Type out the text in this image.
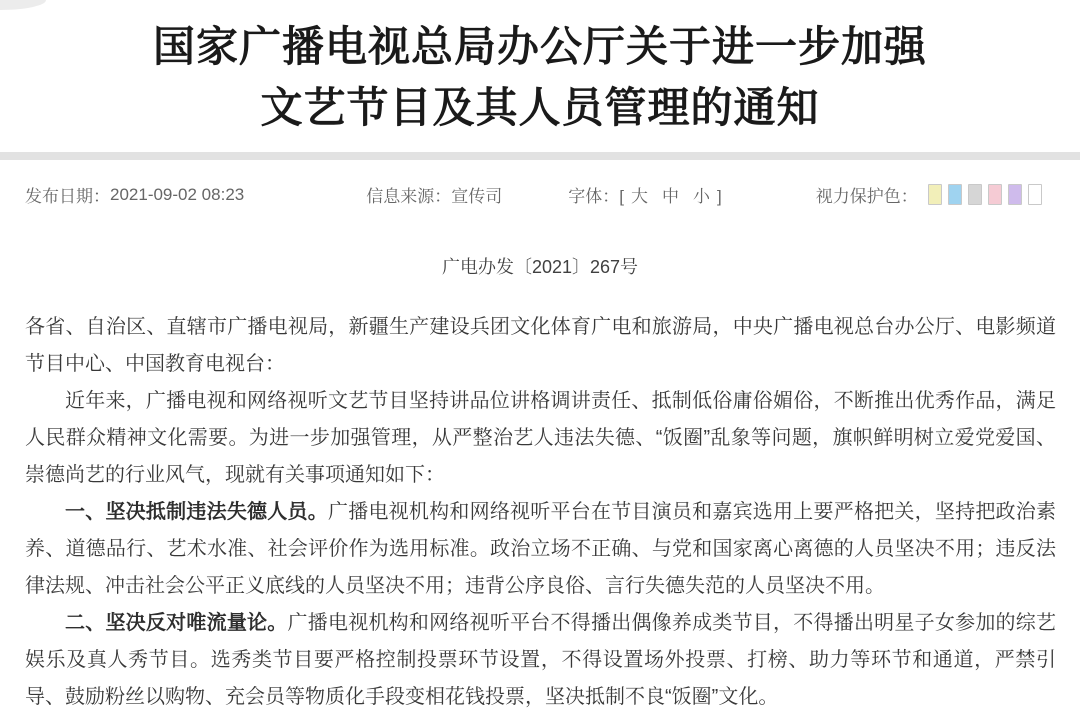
国家广播电视总局办公厅关于进一步加强
文艺节目及其人员管理的通知
发布日期： 2021-09-02 08:23	信息来源： 宣传司	字体： [ 大 中 小 ]	视力保护色：
广电办发〔2021〕267号

各省、自治区、直辖市广播电视局，新疆生产建设兵团文化体育广电和旅游局，中央广播电视总台办公厅、电影频道节目中心、中国教育电视台：

近年来，广播电视和网络视听文艺节目坚持讲品位讲格调讲责任、抵制低俗庸俗媚俗，不断推出优秀作品，满足人民群众精神文化需要。为进一步加强管理，从严整治艺人违法失德、“饭圈”乱象等问题，旗帜鲜明树立爱党爱国、崇德尚艺的行业风气，现就有关事项通知如下：

一、坚决抵制违法失德人员。广播电视机构和网络视听平台在节目演员和嘉宾选用上要严格把关，坚持把政治素养、道德品行、艺术水准、社会评价作为选用标准。政治立场不正确、与党和国家离心离德的人员坚决不用；违反法律法规、冲击社会公平正义底线的人员坚决不用；违背公序良俗、言行失德失范的人员坚决不用。

二、坚决反对唯流量论。广播电视机构和网络视听平台不得播出偶像养成类节目，不得播出明星子女参加的综艺娱乐及真人秀节目。选秀类节目要严格控制投票环节设置，不得设置场外投票、打榜、助力等环节和通道，严禁引导、鼓励粉丝以购物、充会员等物质化手段变相花钱投票，坚决抵制不良“饭圈”文化。
